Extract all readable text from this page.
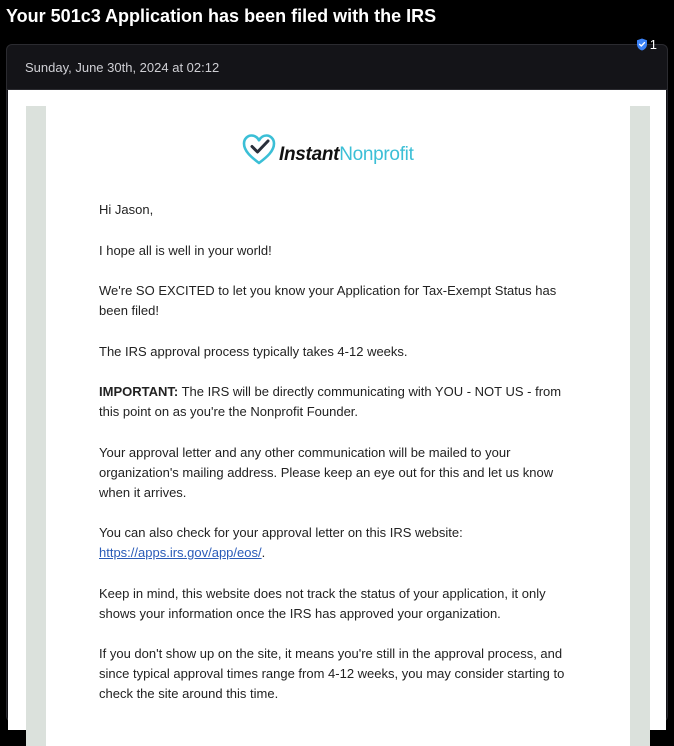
Your 501c3 Application has been filed with the IRS
1
Sunday, June 30th, 2024 at 02:12
InstantNonprofit

Hi Jason,

I hope all is well in your world!

We're SO EXCITED to let you know your Application for Tax-Exempt Status has been filed!

The IRS approval process typically takes 4-12 weeks.

IMPORTANT: The IRS will be directly communicating with YOU - NOT US - from this point on as you're the Nonprofit Founder.

Your approval letter and any other communication will be mailed to your organization's mailing address. Please keep an eye out for this and let us know when it arrives.

You can also check for your approval letter on this IRS website: https://apps.irs.gov/app/eos/.

Keep in mind, this website does not track the status of your application, it only shows your information once the IRS has approved your organization.

If you don't show up on the site, it means you're still in the approval process, and since typical approval times range from 4-12 weeks, you may consider starting to check the site around this time.
